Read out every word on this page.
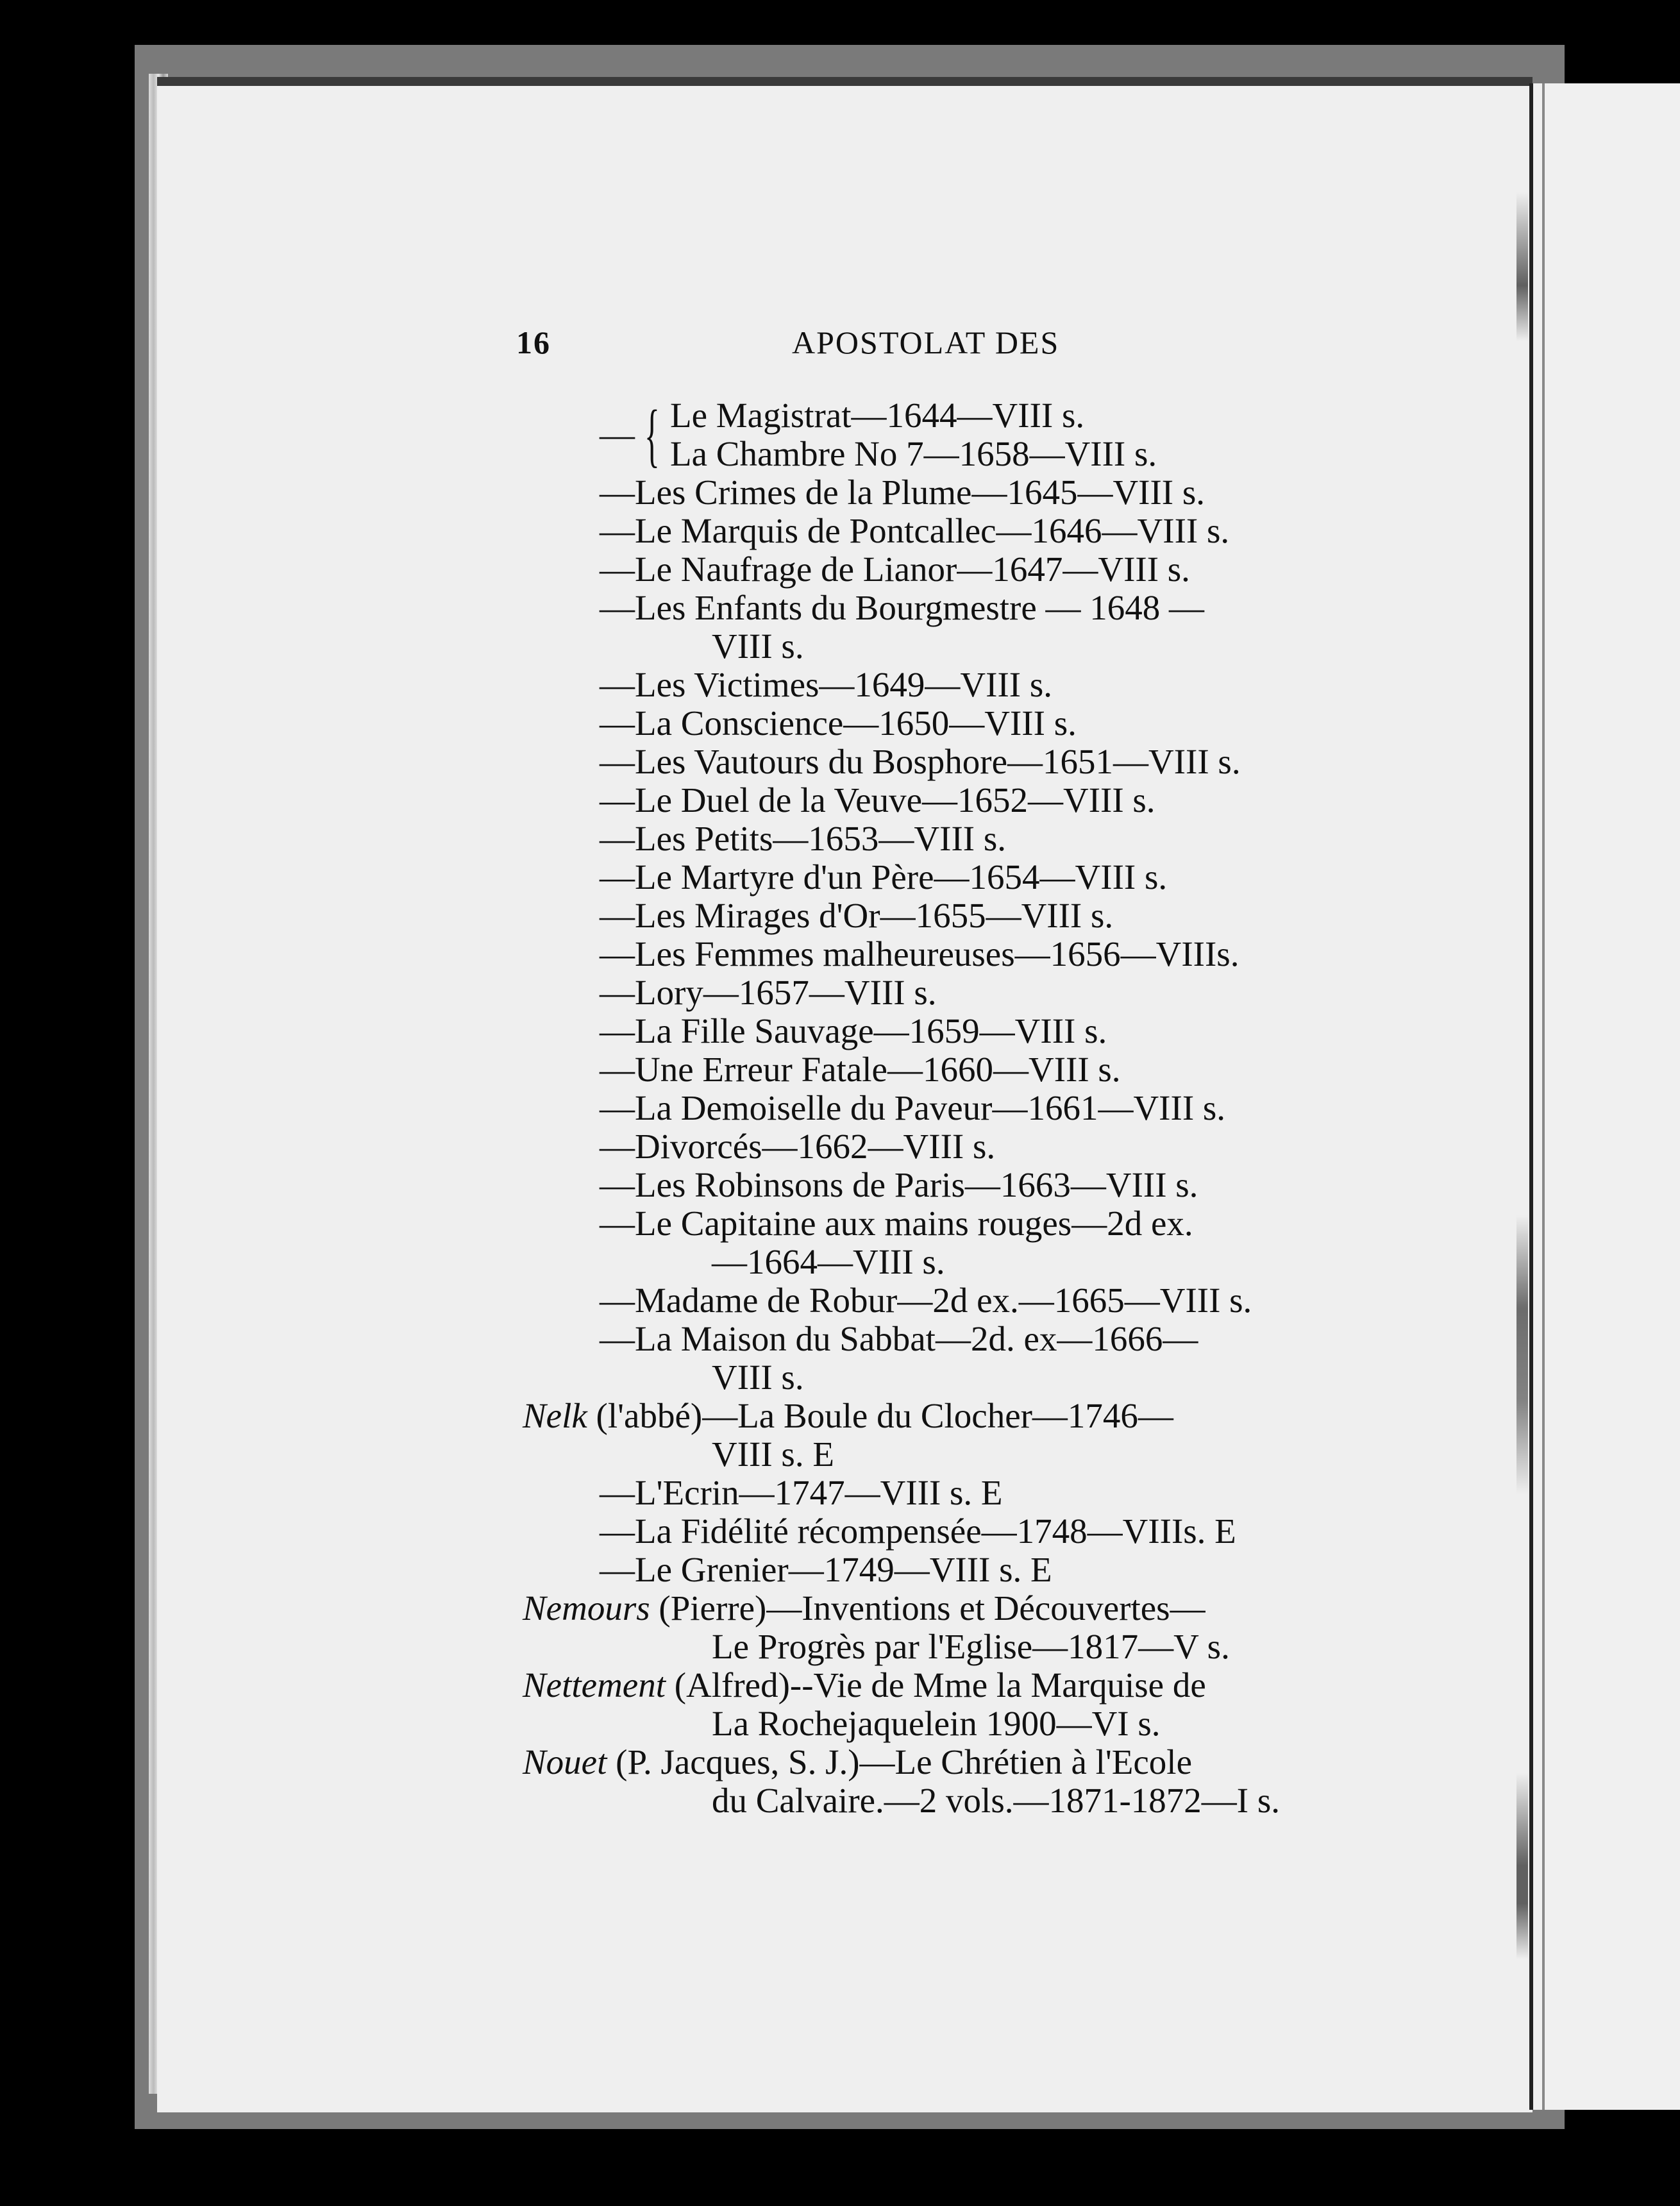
16	APOSTOLAT DES
— { Le Magistrat—1644—VIII s.
La Chambre No 7—1658—VIII s.
—Les Crimes de la Plume—1645—VIII s.
—Le Marquis de Pontcallec—1646—VIII s.
—Le Naufrage de Lianor—1647—VIII s.
—Les Enfants du Bourgmestre — 1648 —
VIII s.
—Les Victimes—1649—VIII s.
—La Conscience—1650—VIII s.
—Les Vautours du Bosphore—1651—VIII s.
—Le Duel de la Veuve—1652—VIII s.
—Les Petits—1653—VIII s.
—Le Martyre d'un Père—1654—VIII s.
—Les Mirages d'Or—1655—VIII s.
—Les Femmes malheureuses—1656—VIIIs.
—Lory—1657—VIII s.
—La Fille Sauvage—1659—VIII s.
—Une Erreur Fatale—1660—VIII s.
—La Demoiselle du Paveur—1661—VIII s.
—Divorcés—1662—VIII s.
—Les Robinsons de Paris—1663—VIII s.
—Le Capitaine aux mains rouges—2d ex.
—1664—VIII s.
—Madame de Robur—2d ex.—1665—VIII s.
—La Maison du Sabbat—2d. ex—1666—
VIII s.
Nelk (l'abbé)—La Boule du Clocher—1746—
VIII s. E
—L'Ecrin—1747—VIII s. E
—La Fidélité récompensée—1748—VIIIs. E
—Le Grenier—1749—VIII s. E
Nemours (Pierre)—Inventions et Découvertes—
Le Progrès par l'Eglise—1817—V s.
Nettement (Alfred)--Vie de Mme la Marquise de
La Rochejaquelein 1900—VI s.
Nouet (P. Jacques, S. J.)—Le Chrétien à l'Ecole
du Calvaire.—2 vols.—1871-1872—I s.
